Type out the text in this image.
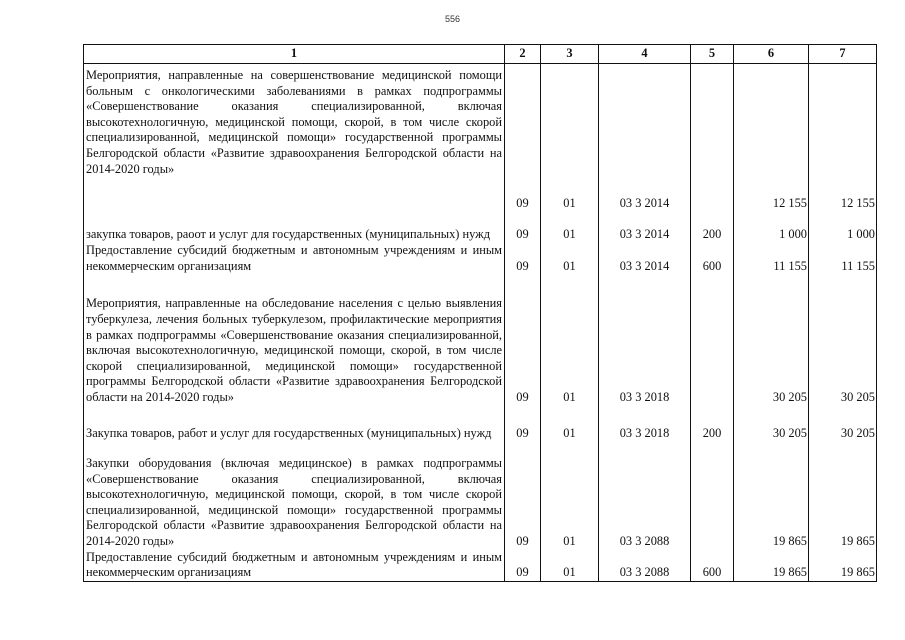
556
1	2	3	4	5	6	7
Мероприятия, направленные на совершенствование медицинской помощи больным с онкологическими заболеваниями в рамках подпрограммы «Совершенствование оказания специализированной, включая высокотехнологичную, медицинской помощи, скорой, в том числе скорой специализированной, медицинской помощи» государственной программы Белгородской области «Развитие здравоохранения Белгородской области на 2014-2020 годы»	09	01	03 3 2014		12 155	12 155
закупка товаров, раоот и услуг для государственных (муниципальных) нужд	09	01	03 3 2014	200	1 000	1 000
Предоставление субсидий бюджетным и автономным учреждениям и иным некоммерческим организациям	09	01	03 3 2014	600	11 155	11 155
Мероприятия, направленные на обследование населения с целью выявления туберкулеза, лечения больных туберкулезом, профилактические мероприятия в рамках подпрограммы «Совершенствование оказания специализированной, включая высокотехнологичную, медицинской помощи, скорой, в том числе скорой специализированной, медицинской помощи» государственной программы Белгородской области «Развитие здравоохранения Белгородской области на 2014-2020 годы»	09	01	03 3 2018		30 205	30 205
Закупка товаров, работ и услуг для государственных (муниципальных) нужд	09	01	03 3 2018	200	30 205	30 205
Закупки оборудования (включая медицинское) в рамках подпрограммы «Совершенствование оказания специализированной, включая высокотехнологичную, медицинской помощи, скорой, в том числе скорой специализированной, медицинской помощи» государственной программы Белгородской области «Развитие здравоохранения Белгородской области на 2014-2020 годы»	09	01	03 3 2088		19 865	19 865
Предоставление субсидий бюджетным и автономным учреждениям и иным некоммерческим организациям	09	01	03 3 2088	600	19 865	19 865
